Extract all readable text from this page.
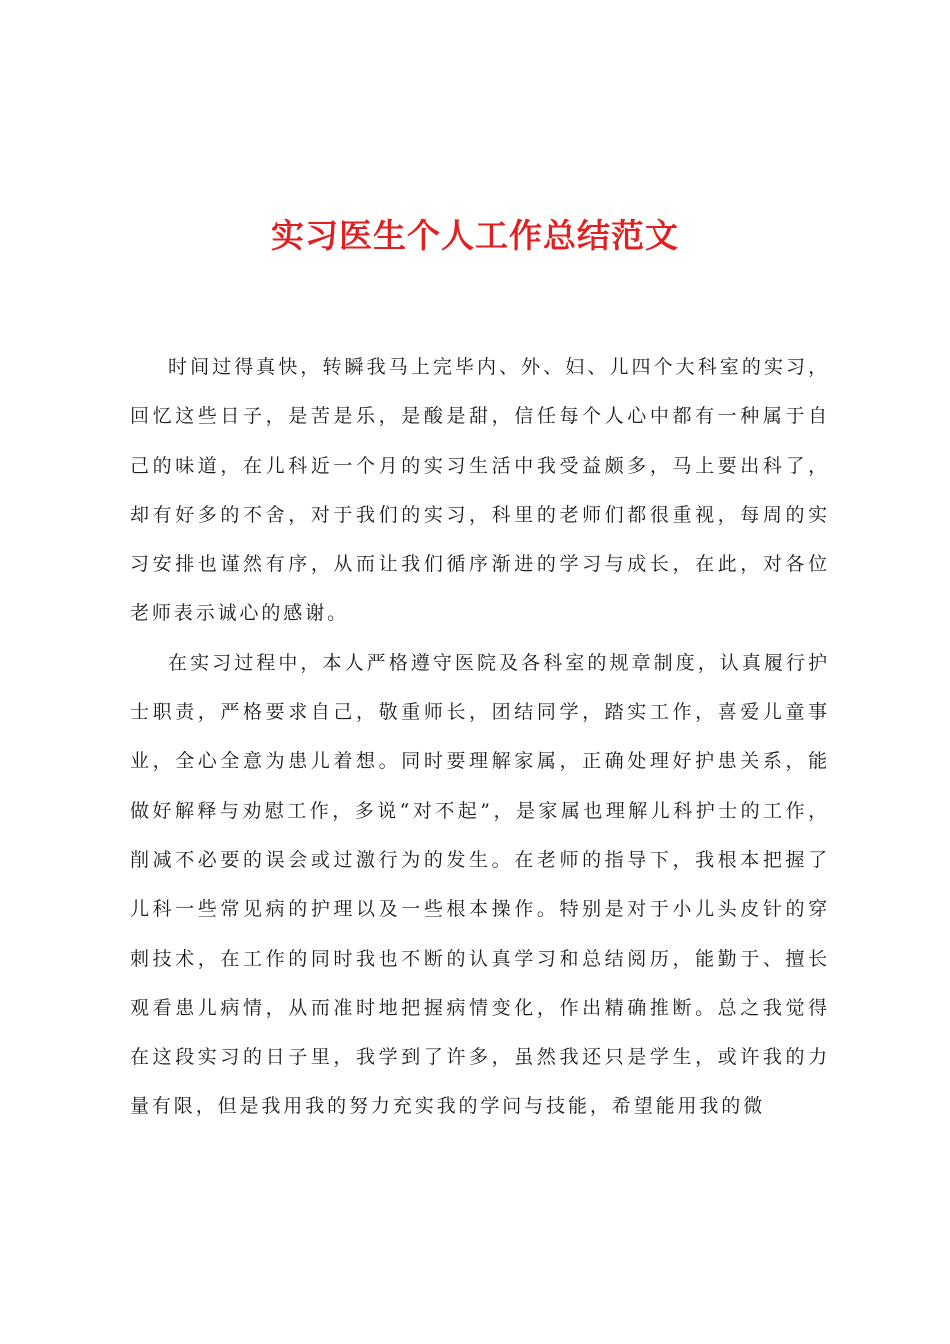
实习医生个人工作总结范文

时间过得真快，转瞬我马上完毕内、外、妇、儿四个大科室的实习，回忆这些日子，是苦是乐，是酸是甜，信任每个人心中都有一种属于自己的味道，在儿科近一个月的实习生活中我受益颇多，马上要出科了，却有好多的不舍，对于我们的实习，科里的老师们都很重视，每周的实习安排也谨然有序，从而让我们循序渐进的学习与成长，在此，对各位老师表示诚心的感谢。

在实习过程中，本人严格遵守医院及各科室的规章制度，认真履行护士职责，严格要求自己，敬重师长，团结同学，踏实工作，喜爱儿童事业，全心全意为患儿着想。同时要理解家属，正确处理好护患关系，能做好解释与劝慰工作，多说“对不起”，是家属也理解儿科护士的工作，削减不必要的误会或过激行为的发生。在老师的指导下，我根本把握了儿科一些常见病的护理以及一些根本操作。特别是对于小儿头皮针的穿刺技术，在工作的同时我也不断的认真学习和总结阅历，能勤于、擅长观看患儿病情，从而准时地把握病情变化，作出精确推断。总之我觉得在这段实习的日子里，我学到了许多，虽然我还只是学生，或许我的力量有限，但是我用我的努力充实我的学问与技能，希望能用我的微
